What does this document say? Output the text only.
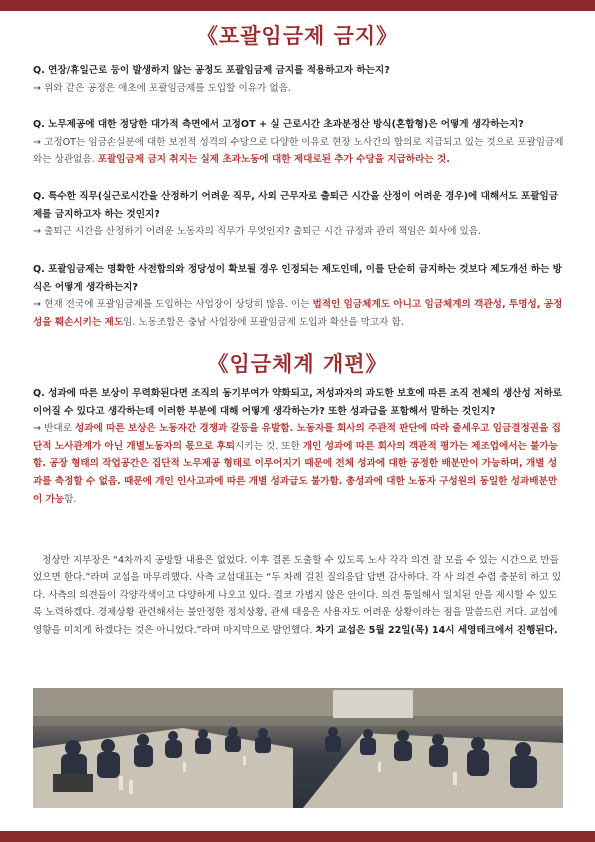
《포괄임금제 금지》
Q. 연장/휴일근로 등이 발생하지 않는 공정도 포괄임금제 금지를 적용하고자 하는지?
→ 위와 같은 공정은 애초에 포괄임금제를 도입할 이유가 없음.
Q. 노무제공에 대한 정당한 대가적 측면에서 고정OT + 실 근로시간 초과분정산 방식(혼합형)은 어떻게 생각하는지?
→ 고정OT는 임금손실분에 대한 보전적 성격의 수당으로 다양한 이유로 현장 노사간의 합의로 지급되고 있는 것으로 포괄임금제와는 상관없음. 포괄임금제 금지 취지는 실제 초과노동에 대한 제대로된 추가 수당을 지급하라는 것.
Q. 특수한 직무(실근로시간을 산정하기 어려운 직무, 사외 근무자로 출퇴근 시간을 산정이 어려운 경우)에 대해서도 포괄임금제를 금지하고자 하는 것인지?
→ 출퇴근 시간을 산정하기 어려운 노동자의 직무가 무엇인지? 출퇴근 시간 규정과 관리 책임은 회사에 있음.
Q. 포괄임금제는 명확한 사전합의와 정당성이 확보될 경우 인정되는 제도인데, 이를 단순히 금지하는 것보다 제도개선 하는 방식은 어떻게 생각하는지?
→ 현재 전국에 포괄임금제를 도입하는 사업장이 상당히 많음. 이는 법적인 임금체계도 아니고 임금체계의 객관성, 투명성, 공정성을 훼손시키는 제도임. 노동조합은 충남 사업장에 포괄임금제 도입과 확산을 막고자 함.
《임금체계 개편》
Q. 성과에 따른 보상이 무력화된다면 조직의 동기부여가 약화되고, 저성과자의 과도한 보호에 따른 조직 전체의 생산성 저하로 이어질 수 있다고 생각하는데 이러한 부분에 대해 어떻게 생각하는가? 또한 성과급을 포함해서 말하는 것인지?
→ 반대로 성과에 따른 보상은 노동자간 경쟁과 갈등을 유발함. 노동자를 회사의 주관적 판단에 따라 줄세우고 임금결정권을 집단적 노사관계가 아닌 개별노동자의 몫으로 후퇴시키는 것. 또한 개인 성과에 따른 회사의 객관적 평가는 제조업에서는 불가능함. 공장 형태의 작업공간은 집단적 노무제공 형태로 이루어지기 때문에 전체 성과에 대한 공정한 배분만이 가능하며, 개별 성과를 측정할 수 없음. 때문에 개인 인사고과에 따른 개별 성과급도 불가함. 총성과에 대한 노동자 구성원의 동일한 성과배분만이 가능함.
정상만 지부장은 “4차까지 공방할 내용은 없었다. 이후 결론 도출할 수 있도록 노사 각각 의견 잘 모을 수 있는 시간으로 만들었으면 한다.”라며 교섭을 마무리했다. 사측 교섭대표는 “두 차례 걸친 질의응답 답변 감사하다. 각 사 의견 수렴 충분히 하고 있다. 사측의 의견들이 각양각색이고 다양하게 나오고 있다. 결코 가볍지 않은 안이다. 의견 통일해서 일치된 안을 제시할 수 있도록 노력하겠다. 경제상황 관련해서는 불안정한 정치상황, 관세 대응은 사용자도 어려운 상황이라는 점을 말씀드린 거다. 교섭에 영향을 미치게 하겠다는 것은 아니었다.”라며 마지막으로 발언했다. 차기 교섭은 5월 22일(목) 14시 세영테크에서 진행된다.
